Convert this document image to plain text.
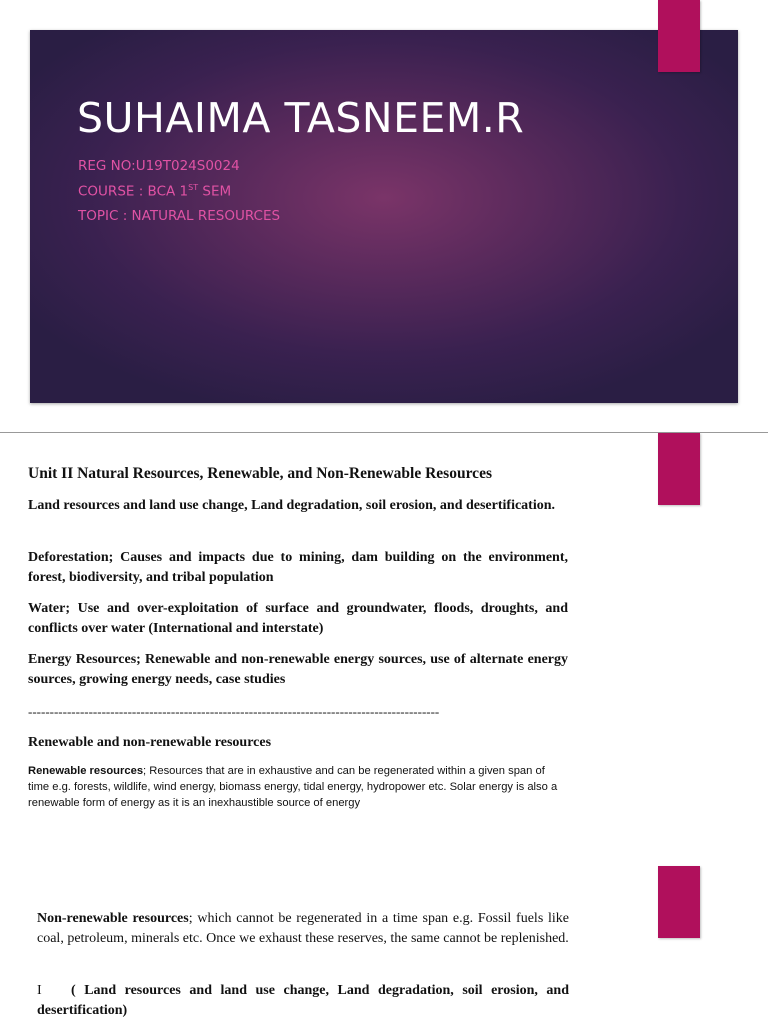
SUHAIMA TASNEEM.R
REG NO:U19T024S0024
COURSE : BCA 1ST SEM
TOPIC : NATURAL RESOURCES

Unit II Natural Resources, Renewable, and Non-Renewable Resources

Land resources and land use change, Land degradation, soil erosion, and desertification.

Deforestation; Causes and impacts due to mining, dam building on the environment, forest, biodiversity, and tribal population

Water; Use and over-exploitation of surface and groundwater, floods, droughts, and conflicts over water (International and interstate)

Energy Resources; Renewable and non-renewable energy sources, use of alternate energy sources, growing energy needs, case studies

-----------------------------------------------------------------------------------------------

Renewable and non-renewable resources

Renewable resources; Resources that are in exhaustive and can be regenerated within a given span of time e.g. forests, wildlife, wind energy, biomass energy, tidal energy, hydropower etc. Solar energy is also a renewable form of energy as it is an inexhaustible source of energy

Non-renewable resources; which cannot be regenerated in a time span e.g. Fossil fuels like coal, petroleum, minerals etc. Once we exhaust these reserves, the same cannot be replenished.

I ( Land resources and land use change, Land degradation, soil erosion, and desertification)
